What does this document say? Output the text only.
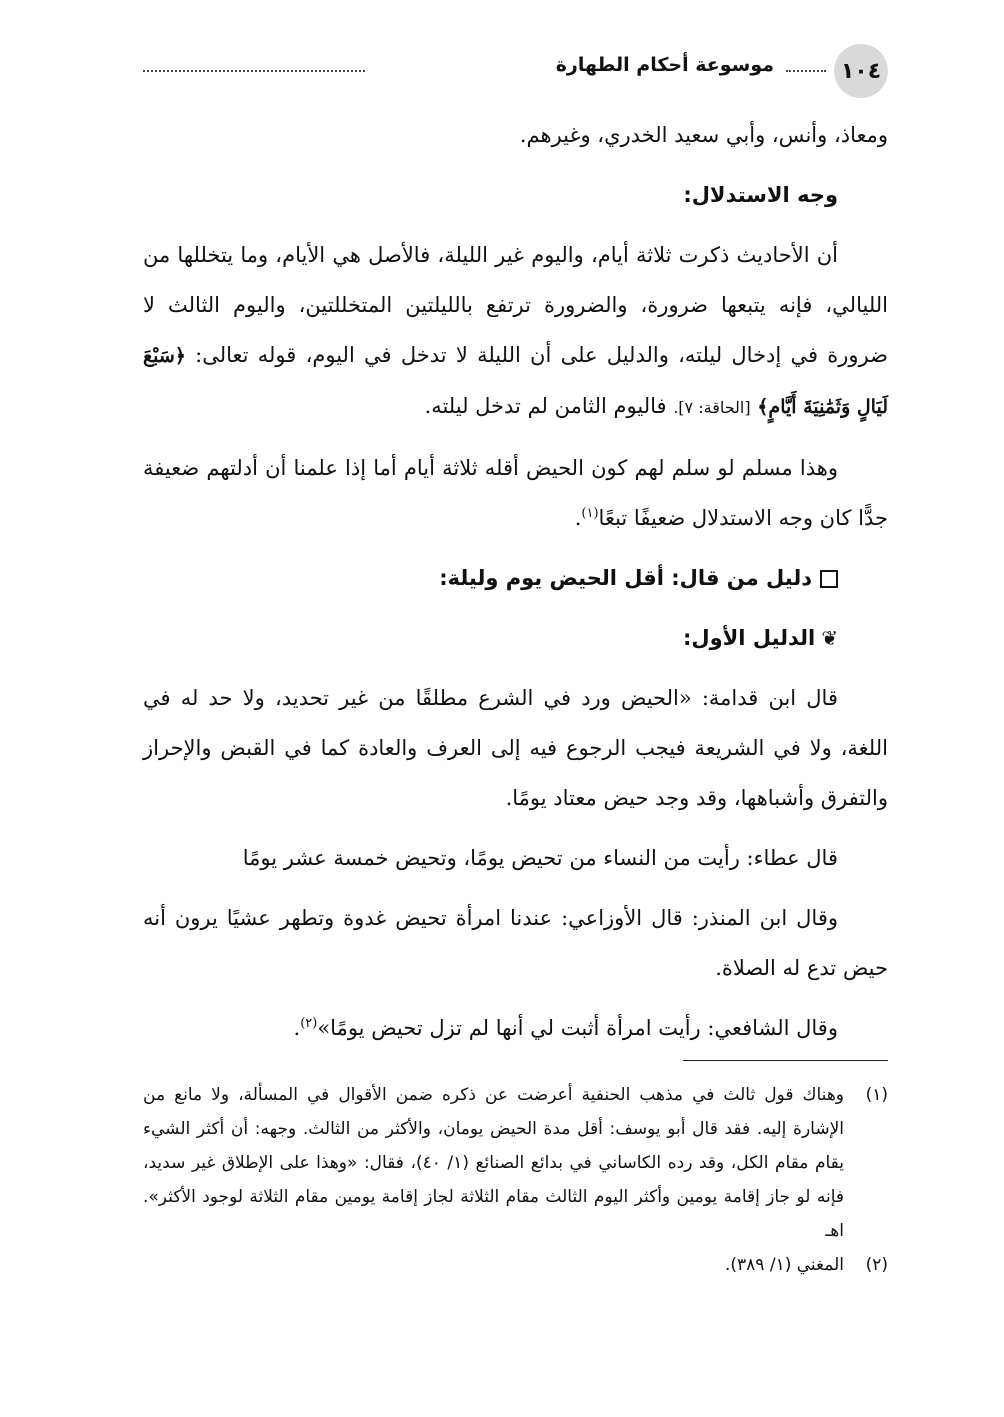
١٠٤
موسوعة أحكام الطهارة

ومعاذ، وأنس، وأبي سعيد الخدري، وغيرهم.

وجه الاستدلال:

أن الأحاديث ذكرت ثلاثة أيام، واليوم غير الليلة، فالأصل هي الأيام، وما يتخللها من الليالي، فإنه يتبعها ضرورة، والضرورة ترتفع بالليلتين المتخللتين، واليوم الثالث لا ضرورة في إدخال ليلته، والدليل على أن الليلة لا تدخل في اليوم، قوله تعالى: ﴿سَبْعَ لَيَالٍ وَثَمَٰنِيَةَ أَيَّامٍ﴾ [الحاقة: ٧]. فاليوم الثامن لم تدخل ليلته.

وهذا مسلم لو سلم لهم كون الحيض أقله ثلاثة أيام أما إذا علمنا أن أدلتهم ضعيفة جدًّا كان وجه الاستدلال ضعيفًا تبعًا$^{(١)}$.

دليل من قال: أقل الحيض يوم وليلة:

❦الدليل الأول:

قال ابن قدامة: «الحيض ورد في الشرع مطلقًا من غير تحديد، ولا حد له في اللغة، ولا في الشريعة فيجب الرجوع فيه إلى العرف والعادة كما في القبض والإحراز والتفرق وأشباهها، وقد وجد حيض معتاد يومًا.

قال عطاء: رأيت من النساء من تحيض يومًا، وتحيض خمسة عشر يومًا

وقال ابن المنذر: قال الأوزاعي: عندنا امرأة تحيض غدوة وتطهر عشيًا يرون أنه حيض تدع له الصلاة.

وقال الشافعي: رأيت امرأة أثبت لي أنها لم تزل تحيض يومًا»$^{(٢)}$.

(١)
وهناك قول ثالث في مذهب الحنفية أعرضت عن ذكره ضمن الأقوال في المسألة، ولا مانع من الإشارة إليه. فقد قال أبو يوسف: أقل مدة الحيض يومان، والأكثر من الثالث. وجهه: أن أكثر الشيء يقام مقام الكل، وقد رده الكاساني في بدائع الصنائع (١/ ٤٠)، فقال: «وهذا على الإطلاق غير سديد، فإنه لو جاز إقامة يومين وأكثر اليوم الثالث مقام الثلاثة لجاز إقامة يومين مقام الثلاثة لوجود الأكثر». اهـ
(٢)
المغني (١/ ٣٨٩).
